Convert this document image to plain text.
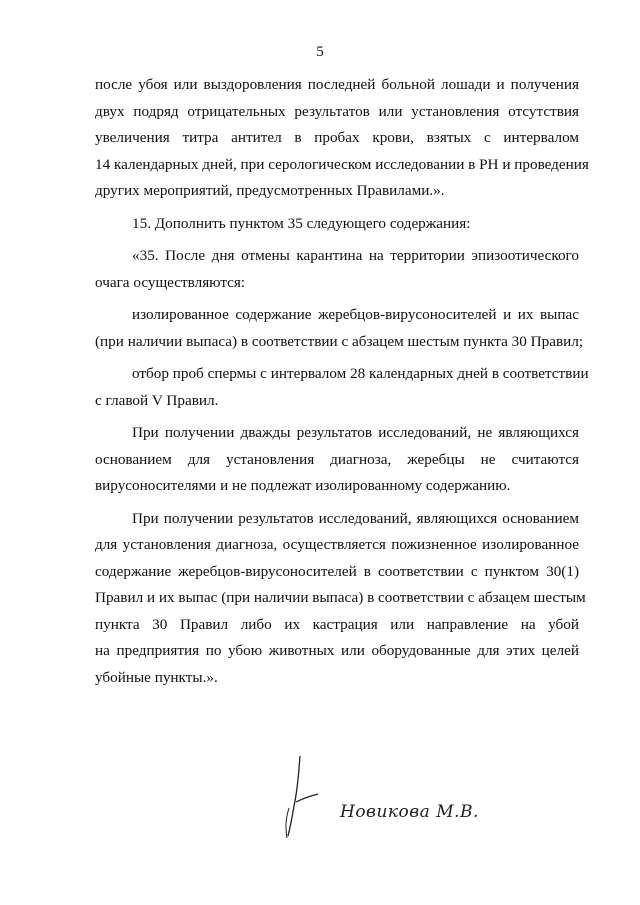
5
после убоя или выздоровления последней больной лошади и получения
двух подряд отрицательных результатов или установления отсутствия
увеличения титра антител в пробах крови, взятых с интервалом
14 календарных дней, при серологическом исследовании в РН и проведения
других мероприятий, предусмотренных Правилами.».
15. Дополнить пунктом 35 следующего содержания:
«35. После дня отмены карантина на территории эпизоотического
очага осуществляются:
изолированное содержание жеребцов-вирусоносителей и их выпас
(при наличии выпаса) в соответствии с абзацем шестым пункта 30 Правил;
отбор проб спермы с интервалом 28 календарных дней в соответствии
с главой V Правил.
При получении дважды результатов исследований, не являющихся
основанием для установления диагноза, жеребцы не считаются
вирусоносителями и не подлежат изолированному содержанию.
При получении результатов исследований, являющихся основанием
для установления диагноза, осуществляется пожизненное изолированное
содержание жеребцов-вирусоносителей в соответствии с пунктом 30(1)
Правил и их выпас (при наличии выпаса) в соответствии с абзацем шестым
пункта 30 Правил либо их кастрация или направление на убой
на предприятия по убою животных или оборудованные для этих целей
убойные пункты.».
Новикова М.В.
